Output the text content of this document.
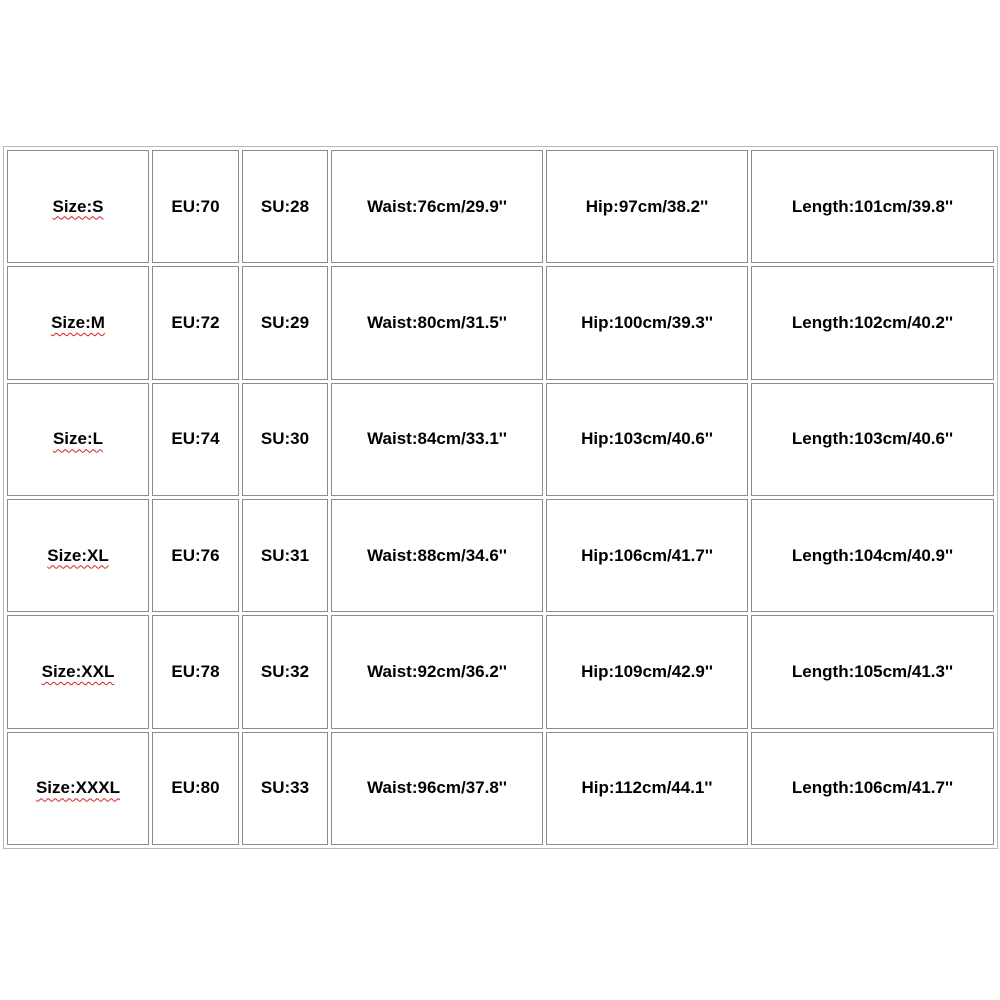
Size:S	EU:70	SU:28	Waist:76cm/29.9''	Hip:97cm/38.2''	Length:101cm/39.8''
Size:M	EU:72	SU:29	Waist:80cm/31.5''	Hip:100cm/39.3''	Length:102cm/40.2''
Size:L	EU:74	SU:30	Waist:84cm/33.1''	Hip:103cm/40.6''	Length:103cm/40.6''
Size:XL	EU:76	SU:31	Waist:88cm/34.6''	Hip:106cm/41.7''	Length:104cm/40.9''
Size:XXL	EU:78	SU:32	Waist:92cm/36.2''	Hip:109cm/42.9''	Length:105cm/41.3''
Size:XXXL	EU:80	SU:33	Waist:96cm/37.8''	Hip:112cm/44.1''	Length:106cm/41.7''
